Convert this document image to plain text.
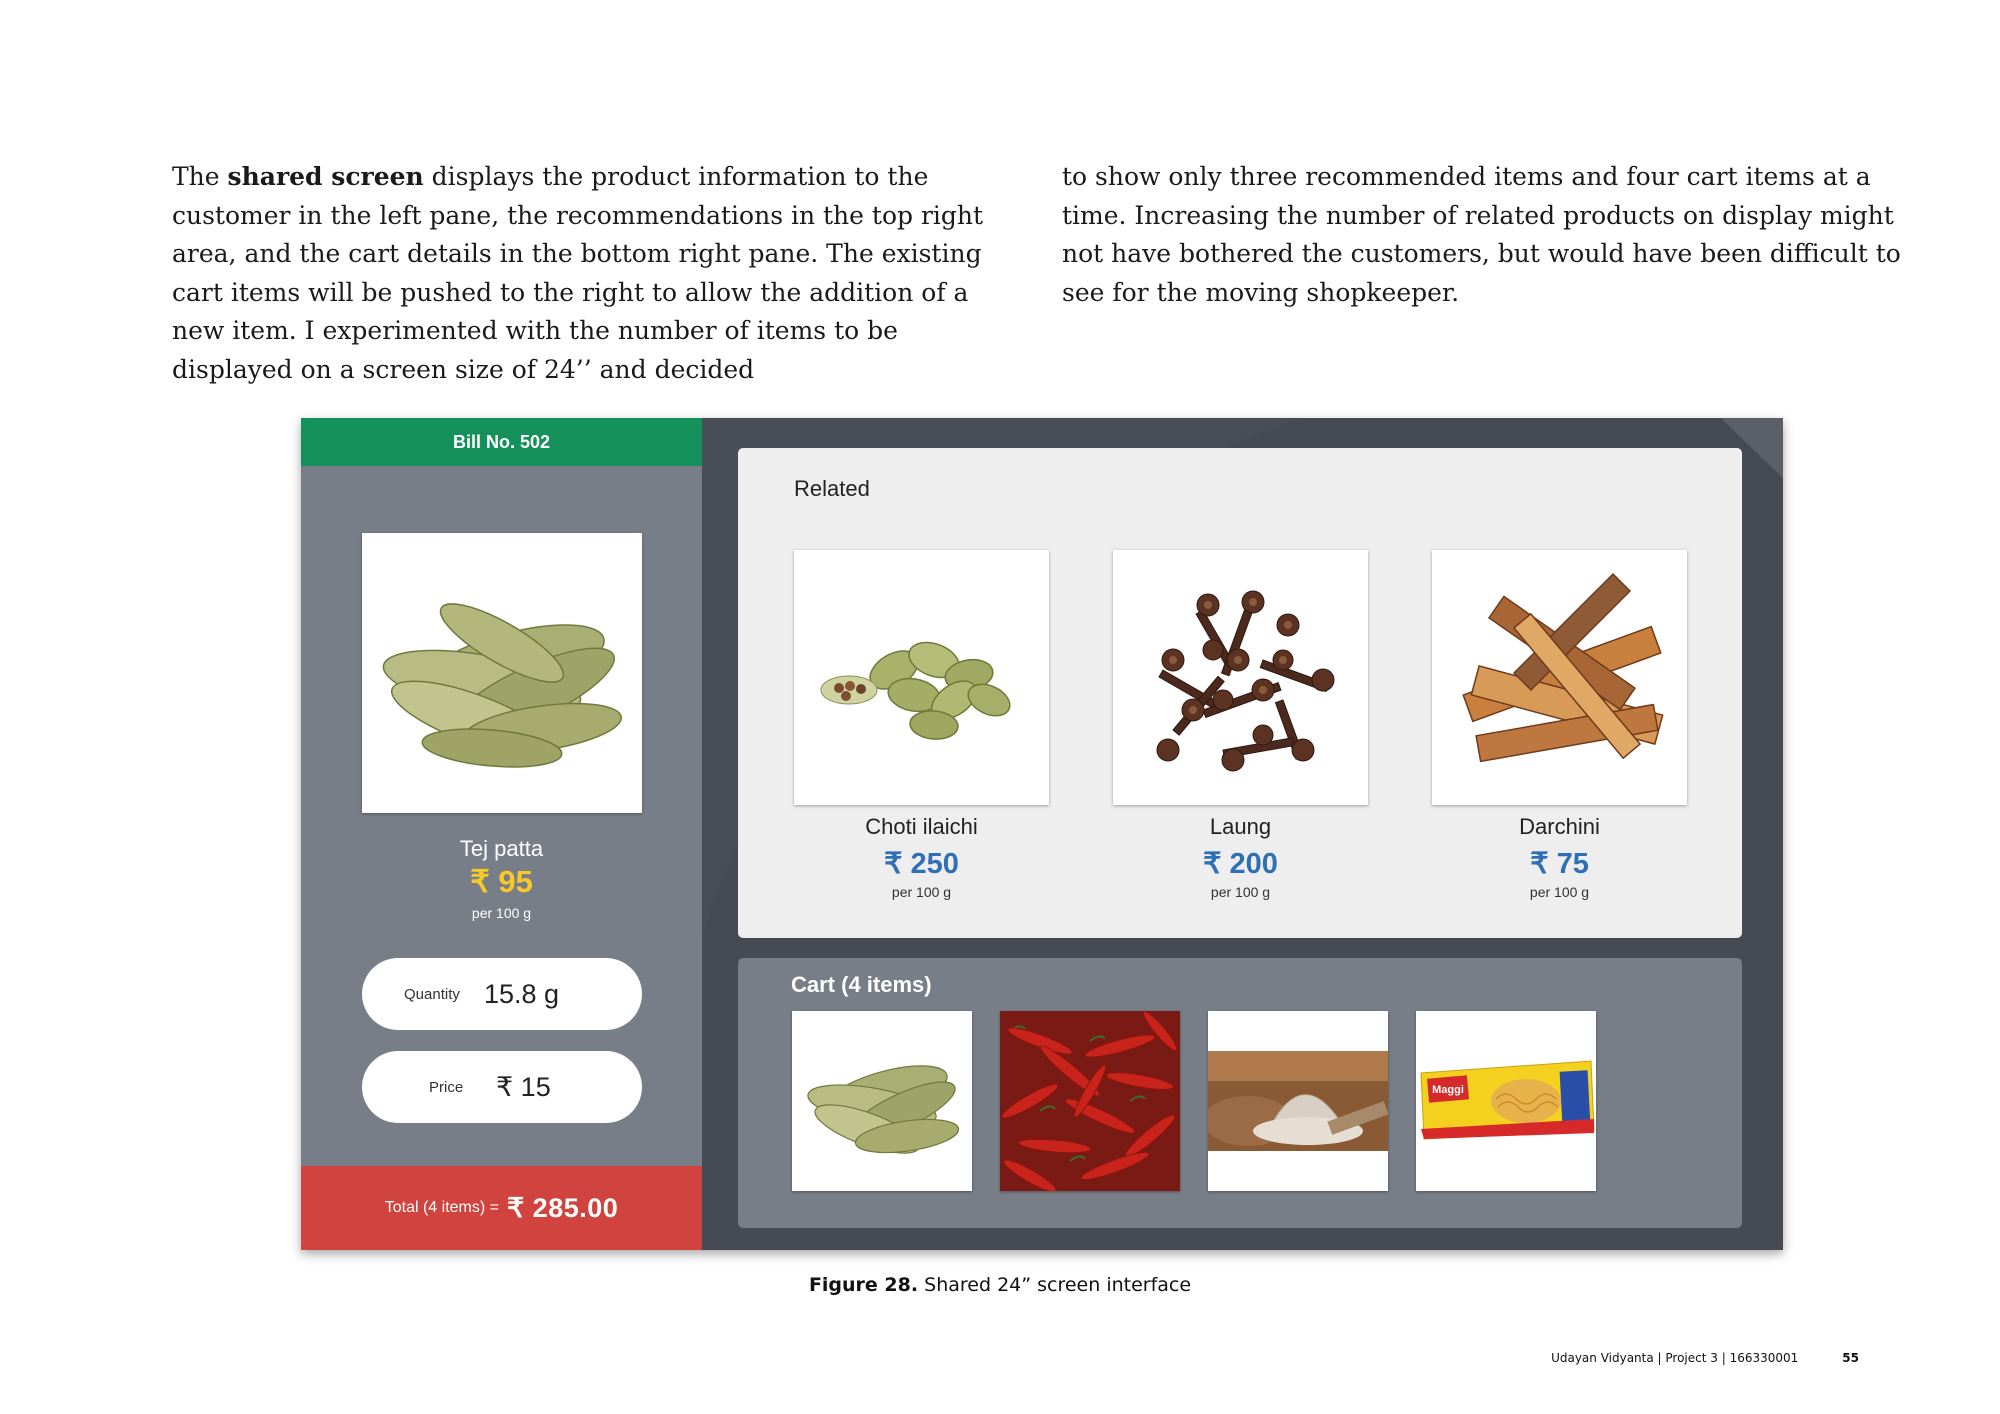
The shared screen displays the product information to the customer in the left pane, the recommendations in the top right area, and the cart details in the bottom right pane. The existing cart items will be pushed to the right to allow the addition of a new item. I experimented with the number of items to be displayed on a screen size of 24’’ and decided

to show only three recommended items and four cart items at a time. Increasing the number of related products on display might not have bothered the customers, but would have been difficult to see for the moving shopkeeper.

Bill No. 502
Tej patta
₹ 95
per 100 g
Quantity 15.8 g
Price ₹ 15
Total (4 items) = ₹ 285.00
Related
Choti ilaichi
₹ 250
per 100 g
Laung
₹ 200
per 100 g
Darchini
₹ 75
per 100 g
Cart (4 items)
Maggi
Figure 28. Shared 24” screen interface
Udayan Vidyanta | Project 3 | 166330001	55
